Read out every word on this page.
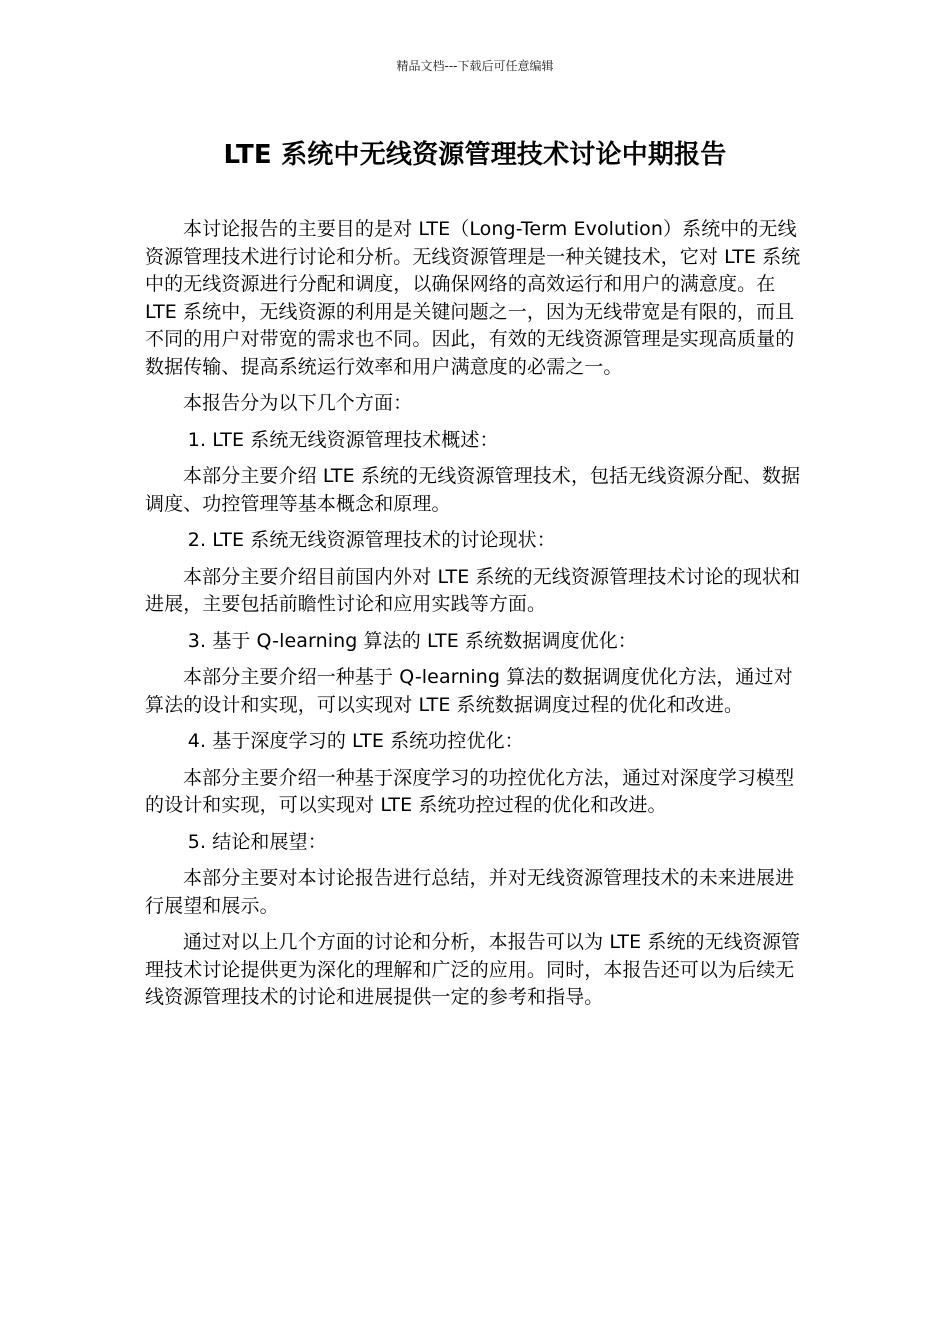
精品文档---下载后可任意编辑
LTE 系统中无线资源管理技术讨论中期报告

本讨论报告的主要目的是对 LTE（Long-Term Evolution）系统中的无线资源管理技术进行讨论和分析。无线资源管理是一种关键技术，它对 LTE 系统中的无线资源进行分配和调度，以确保网络的高效运行和用户的满意度。在 LTE 系统中，无线资源的利用是关键问题之一，因为无线带宽是有限的，而且不同的用户对带宽的需求也不同。因此，有效的无线资源管理是实现高质量的数据传输、提高系统运行效率和用户满意度的必需之一。

本报告分为以下几个方面：

1. LTE 系统无线资源管理技术概述：

本部分主要介绍 LTE 系统的无线资源管理技术，包括无线资源分配、数据调度、功控管理等基本概念和原理。

2. LTE 系统无线资源管理技术的讨论现状：

本部分主要介绍目前国内外对 LTE 系统的无线资源管理技术讨论的现状和进展，主要包括前瞻性讨论和应用实践等方面。

3. 基于 Q-learning 算法的 LTE 系统数据调度优化：

本部分主要介绍一种基于 Q-learning 算法的数据调度优化方法，通过对算法的设计和实现，可以实现对 LTE 系统数据调度过程的优化和改进。

4. 基于深度学习的 LTE 系统功控优化：

本部分主要介绍一种基于深度学习的功控优化方法，通过对深度学习模型的设计和实现，可以实现对 LTE 系统功控过程的优化和改进。

5. 结论和展望：

本部分主要对本讨论报告进行总结，并对无线资源管理技术的未来进展进行展望和展示。

通过对以上几个方面的讨论和分析，本报告可以为 LTE 系统的无线资源管理技术讨论提供更为深化的理解和广泛的应用。同时，本报告还可以为后续无线资源管理技术的讨论和进展提供一定的参考和指导。
